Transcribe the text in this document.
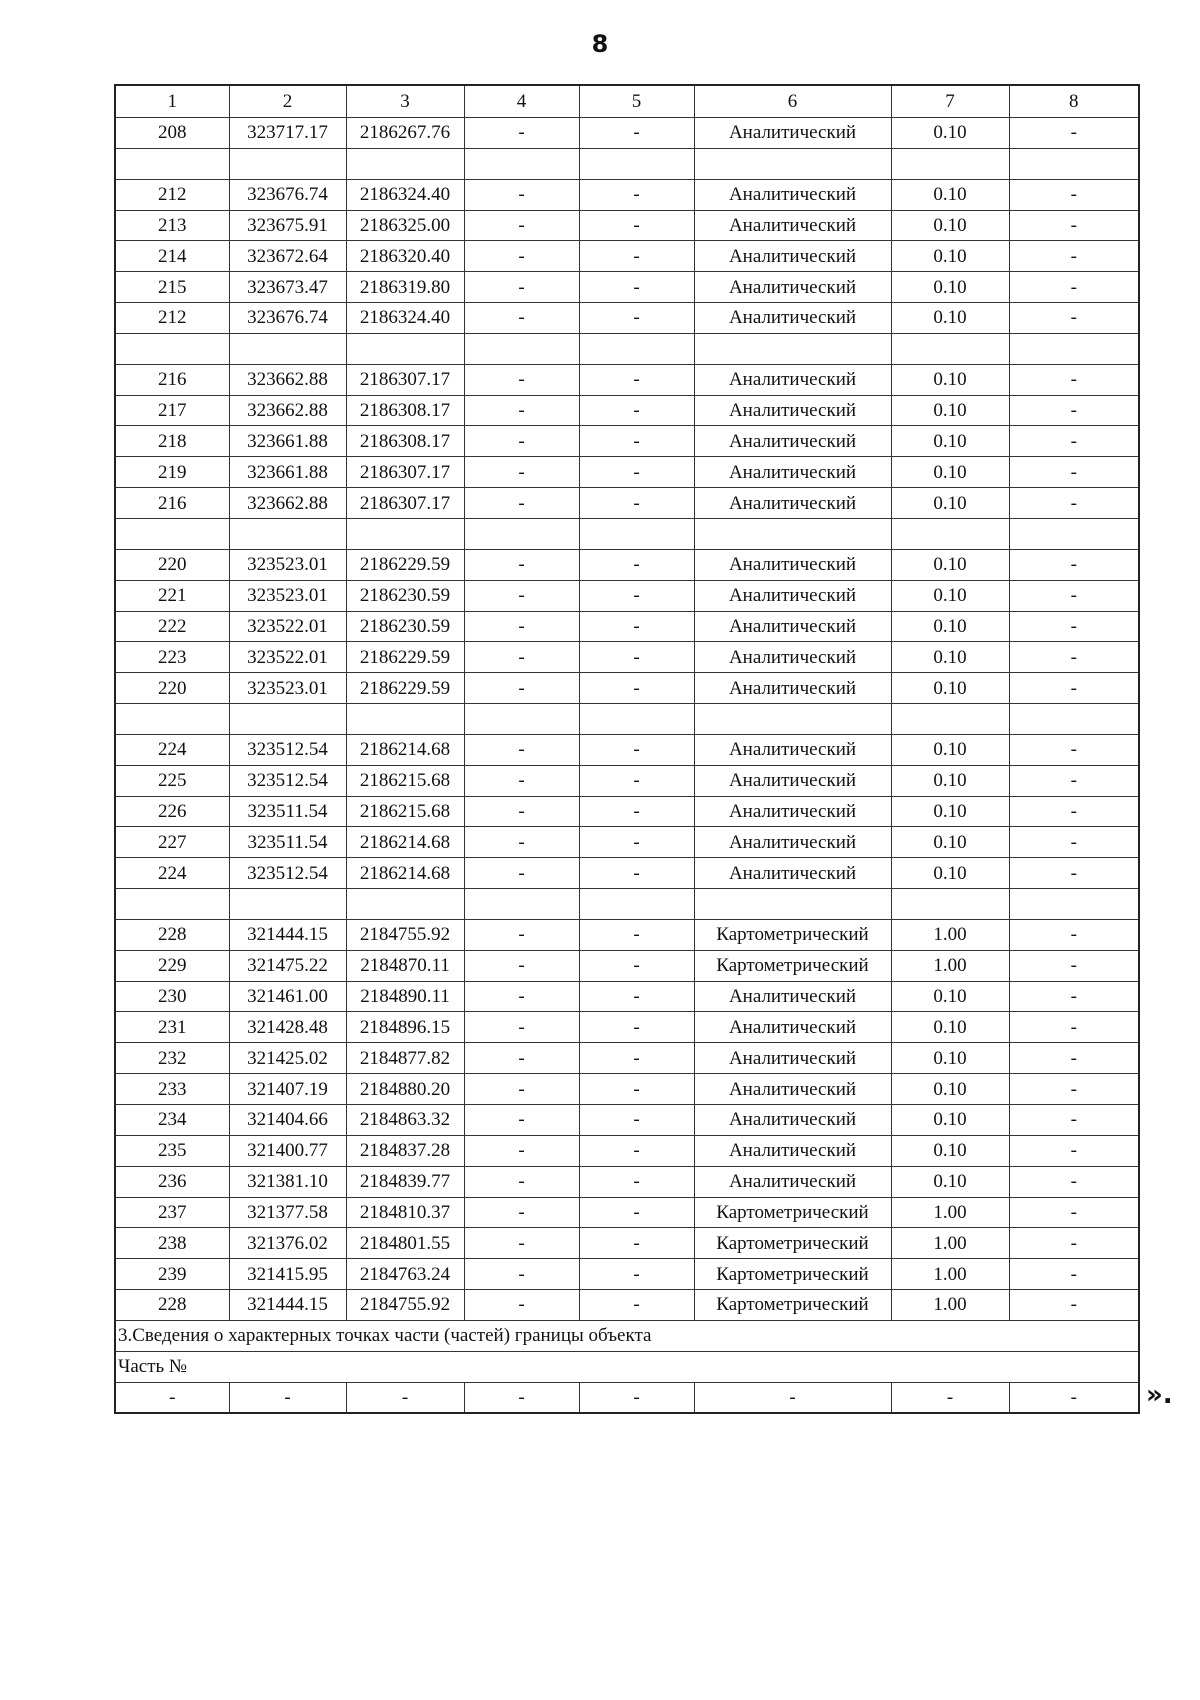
8
1	2	3	4	5	6	7	8
208	323717.17	2186267.76	-	-	Аналитический	0.10	-

212	323676.74	2186324.40	-	-	Аналитический	0.10	-
213	323675.91	2186325.00	-	-	Аналитический	0.10	-
214	323672.64	2186320.40	-	-	Аналитический	0.10	-
215	323673.47	2186319.80	-	-	Аналитический	0.10	-
212	323676.74	2186324.40	-	-	Аналитический	0.10	-

216	323662.88	2186307.17	-	-	Аналитический	0.10	-
217	323662.88	2186308.17	-	-	Аналитический	0.10	-
218	323661.88	2186308.17	-	-	Аналитический	0.10	-
219	323661.88	2186307.17	-	-	Аналитический	0.10	-
216	323662.88	2186307.17	-	-	Аналитический	0.10	-

220	323523.01	2186229.59	-	-	Аналитический	0.10	-
221	323523.01	2186230.59	-	-	Аналитический	0.10	-
222	323522.01	2186230.59	-	-	Аналитический	0.10	-
223	323522.01	2186229.59	-	-	Аналитический	0.10	-
220	323523.01	2186229.59	-	-	Аналитический	0.10	-

224	323512.54	2186214.68	-	-	Аналитический	0.10	-
225	323512.54	2186215.68	-	-	Аналитический	0.10	-
226	323511.54	2186215.68	-	-	Аналитический	0.10	-
227	323511.54	2186214.68	-	-	Аналитический	0.10	-
224	323512.54	2186214.68	-	-	Аналитический	0.10	-

228	321444.15	2184755.92	-	-	Картометрический	1.00	-
229	321475.22	2184870.11	-	-	Картометрический	1.00	-
230	321461.00	2184890.11	-	-	Аналитический	0.10	-
231	321428.48	2184896.15	-	-	Аналитический	0.10	-
232	321425.02	2184877.82	-	-	Аналитический	0.10	-
233	321407.19	2184880.20	-	-	Аналитический	0.10	-
234	321404.66	2184863.32	-	-	Аналитический	0.10	-
235	321400.77	2184837.28	-	-	Аналитический	0.10	-
236	321381.10	2184839.77	-	-	Аналитический	0.10	-
237	321377.58	2184810.37	-	-	Картометрический	1.00	-
238	321376.02	2184801.55	-	-	Картометрический	1.00	-
239	321415.95	2184763.24	-	-	Картометрический	1.00	-
228	321444.15	2184755.92	-	-	Картометрический	1.00	-
3.Сведения о характерных точках части (частей) границы объекта							
Часть №							
-	-	-	-	-	-	-	-	».
